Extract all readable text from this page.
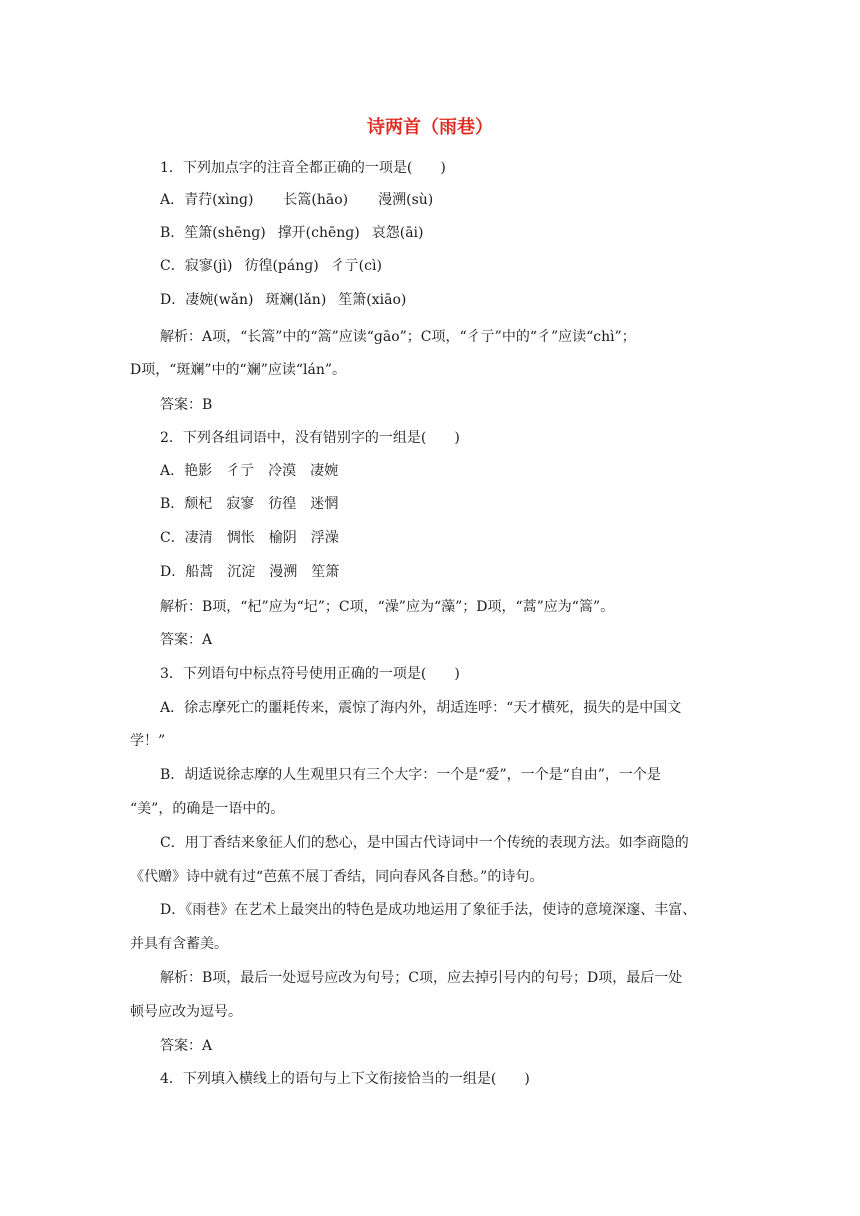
诗两首（雨巷）
1．下列加点字的注音全都正确的一项是(　　)
A．青荇(xìnɡ) 长篙(hāo) 漫溯(sù)
B．笙箫(shēnɡ) 撑开(chēnɡ) 哀怨(āi)
C．寂寥(jì) 彷徨(pánɡ) 彳亍(cì)
D．凄婉(wǎn) 斑斓(lǎn) 笙箫(xiāo)
解析：A项，“长篙”中的“篙”应读“ɡāo”；C项，“彳亍”中的“彳”应读“chì”；
D项，“斑斓”中的“斓”应读“lán”。
答案：B
2．下列各组词语中，没有错别字的一组是(　　)
A．艳影　彳亍　冷漠　凄婉
B．颓杞　寂寥　彷徨　迷惘
C．凄清　惆怅　榆阴　浮澡
D．船蒿　沉淀　漫溯　笙箫
解析：B项，“杞”应为“圮”；C项，“澡”应为“藻”；D项，“蒿”应为“篙”。
答案：A
3．下列语句中标点符号使用正确的一项是(　　)
A．徐志摩死亡的噩耗传来，震惊了海内外，胡适连呼：“天才横死，损失的是中国文
学！”
B．胡适说徐志摩的人生观里只有三个大字：一个是“爱”，一个是“自由”，一个是
“美”，的确是一语中的。
C．用丁香结来象征人们的愁心，是中国古代诗词中一个传统的表现方法。如李商隐的
《代赠》诗中就有过“芭蕉不展丁香结，同向春风各自愁。”的诗句。
D．《雨巷》在艺术上最突出的特色是成功地运用了象征手法，使诗的意境深邃、丰富、
并具有含蓄美。
解析：B项，最后一处逗号应改为句号；C项，应去掉引号内的句号；D项，最后一处
顿号应改为逗号。
答案：A
4．下列填入横线上的语句与上下文衔接恰当的一组是(　　)
